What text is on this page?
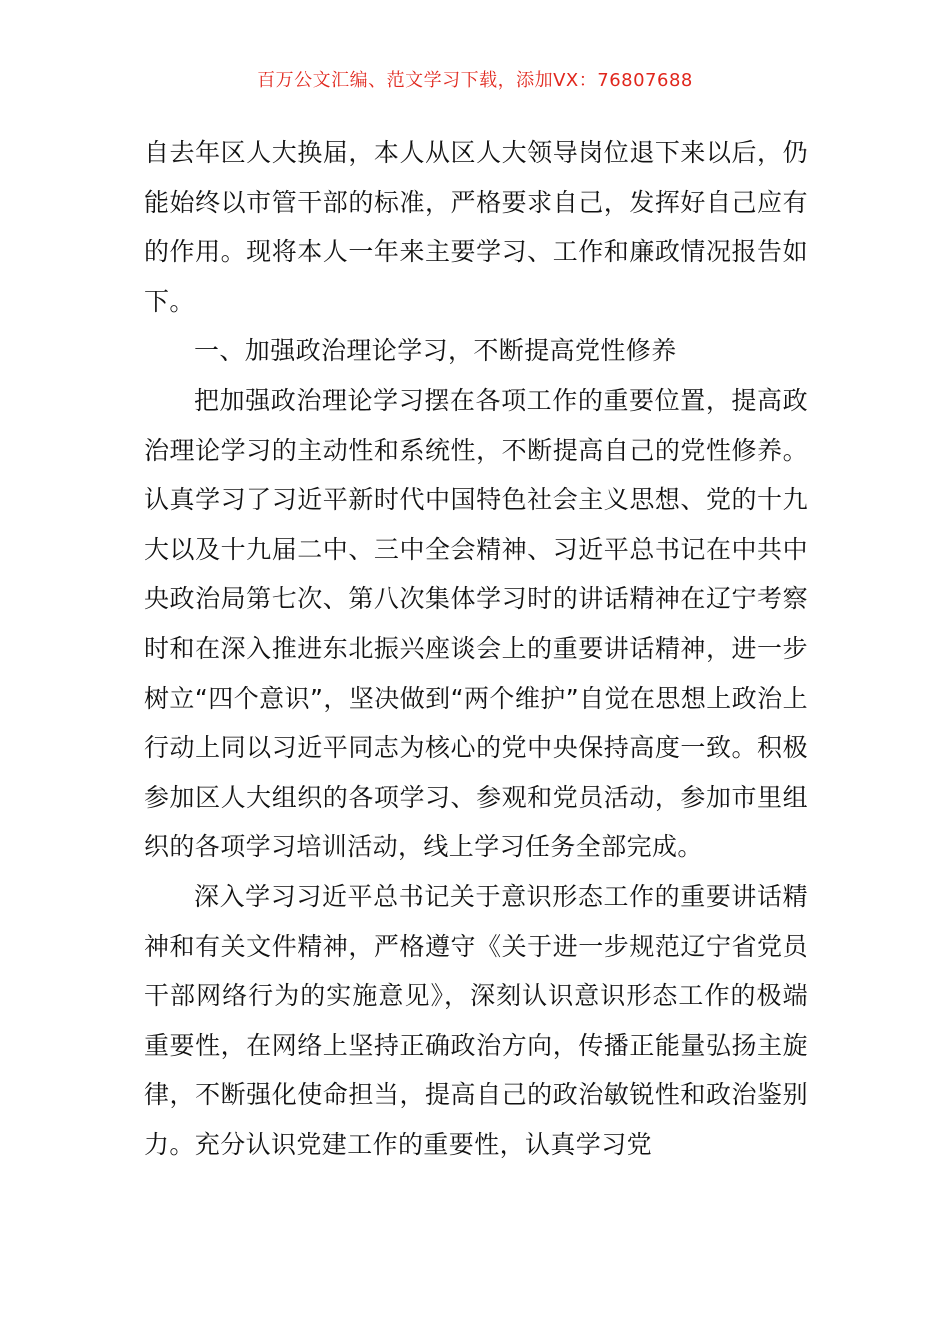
百万公文汇编、范文学习下载，添加VX：76807688

自去年区人大换届，本人从区人大领导岗位退下来以后，仍能始终以市管干部的标准，严格要求自己，发挥好自己应有的作用。现将本人一年来主要学习、工作和廉政情况报告如下。

一、加强政治理论学习，不断提高党性修养

把加强政治理论学习摆在各项工作的重要位置，提高政治理论学习的主动性和系统性，不断提高自己的党性修养。认真学习了习近平新时代中国特色社会主义思想、党的十九大以及十九届二中、三中全会精神、习近平总书记在中共中央政治局第七次、第八次集体学习时的讲话精神在辽宁考察时和在深入推进东北振兴座谈会上的重要讲话精神，进一步树立“四个意识”，坚决做到“两个维护”自觉在思想上政治上行动上同以习近平同志为核心的党中央保持高度一致。积极参加区人大组织的各项学习、参观和党员活动，参加市里组织的各项学习培训活动，线上学习任务全部完成。

深入学习习近平总书记关于意识形态工作的重要讲话精神和有关文件精神，严格遵守《关于进一步规范辽宁省党员干部网络行为的实施意见》，深刻认识意识形态工作的极端重要性，在网络上坚持正确政治方向，传播正能量弘扬主旋律，不断强化使命担当，提高自己的政治敏锐性和政治鉴别力。充分认识党建工作的重要性，认真学习党
